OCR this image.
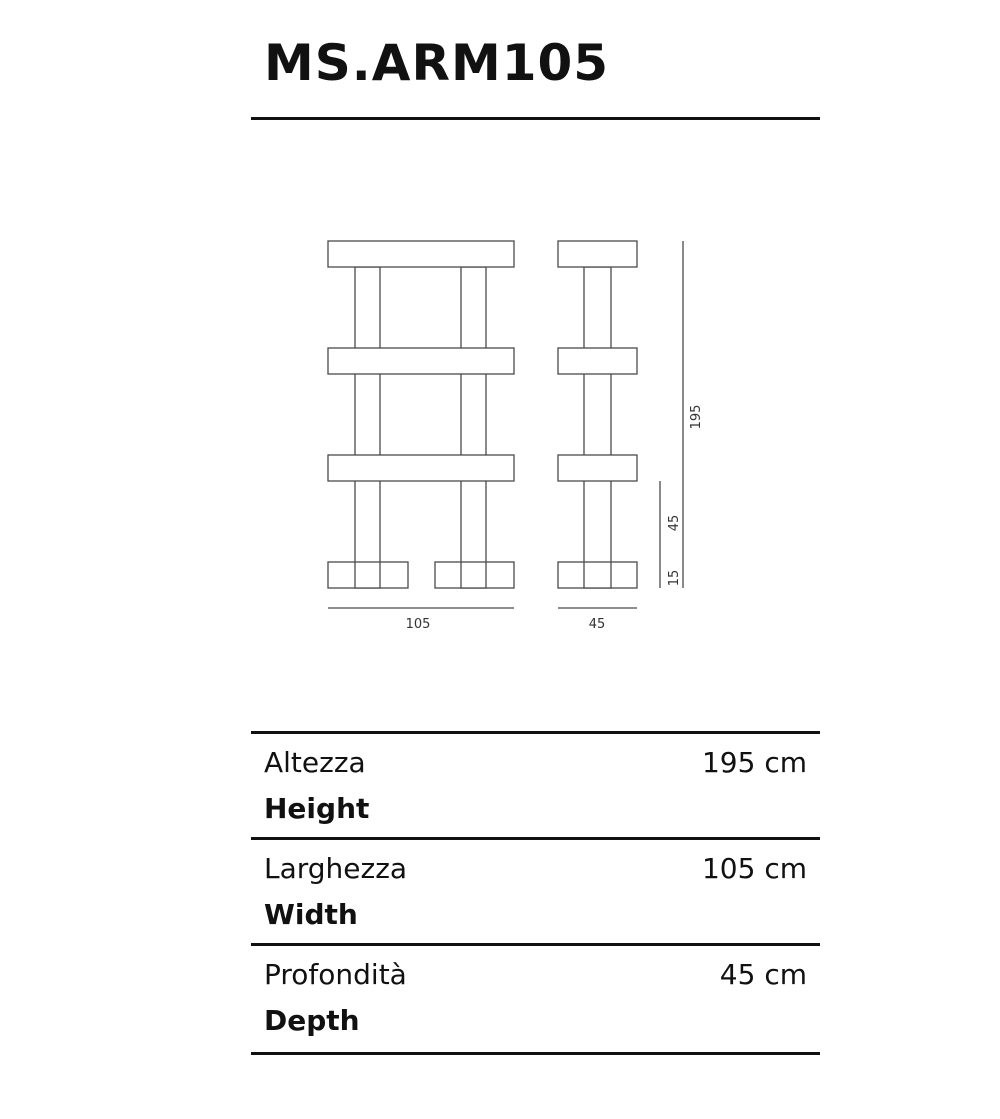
MS.ARM105
105	45
195
45
15
Altezza
Height
195 cm
Larghezza
Width
105 cm
Profondità
Depth
45 cm
